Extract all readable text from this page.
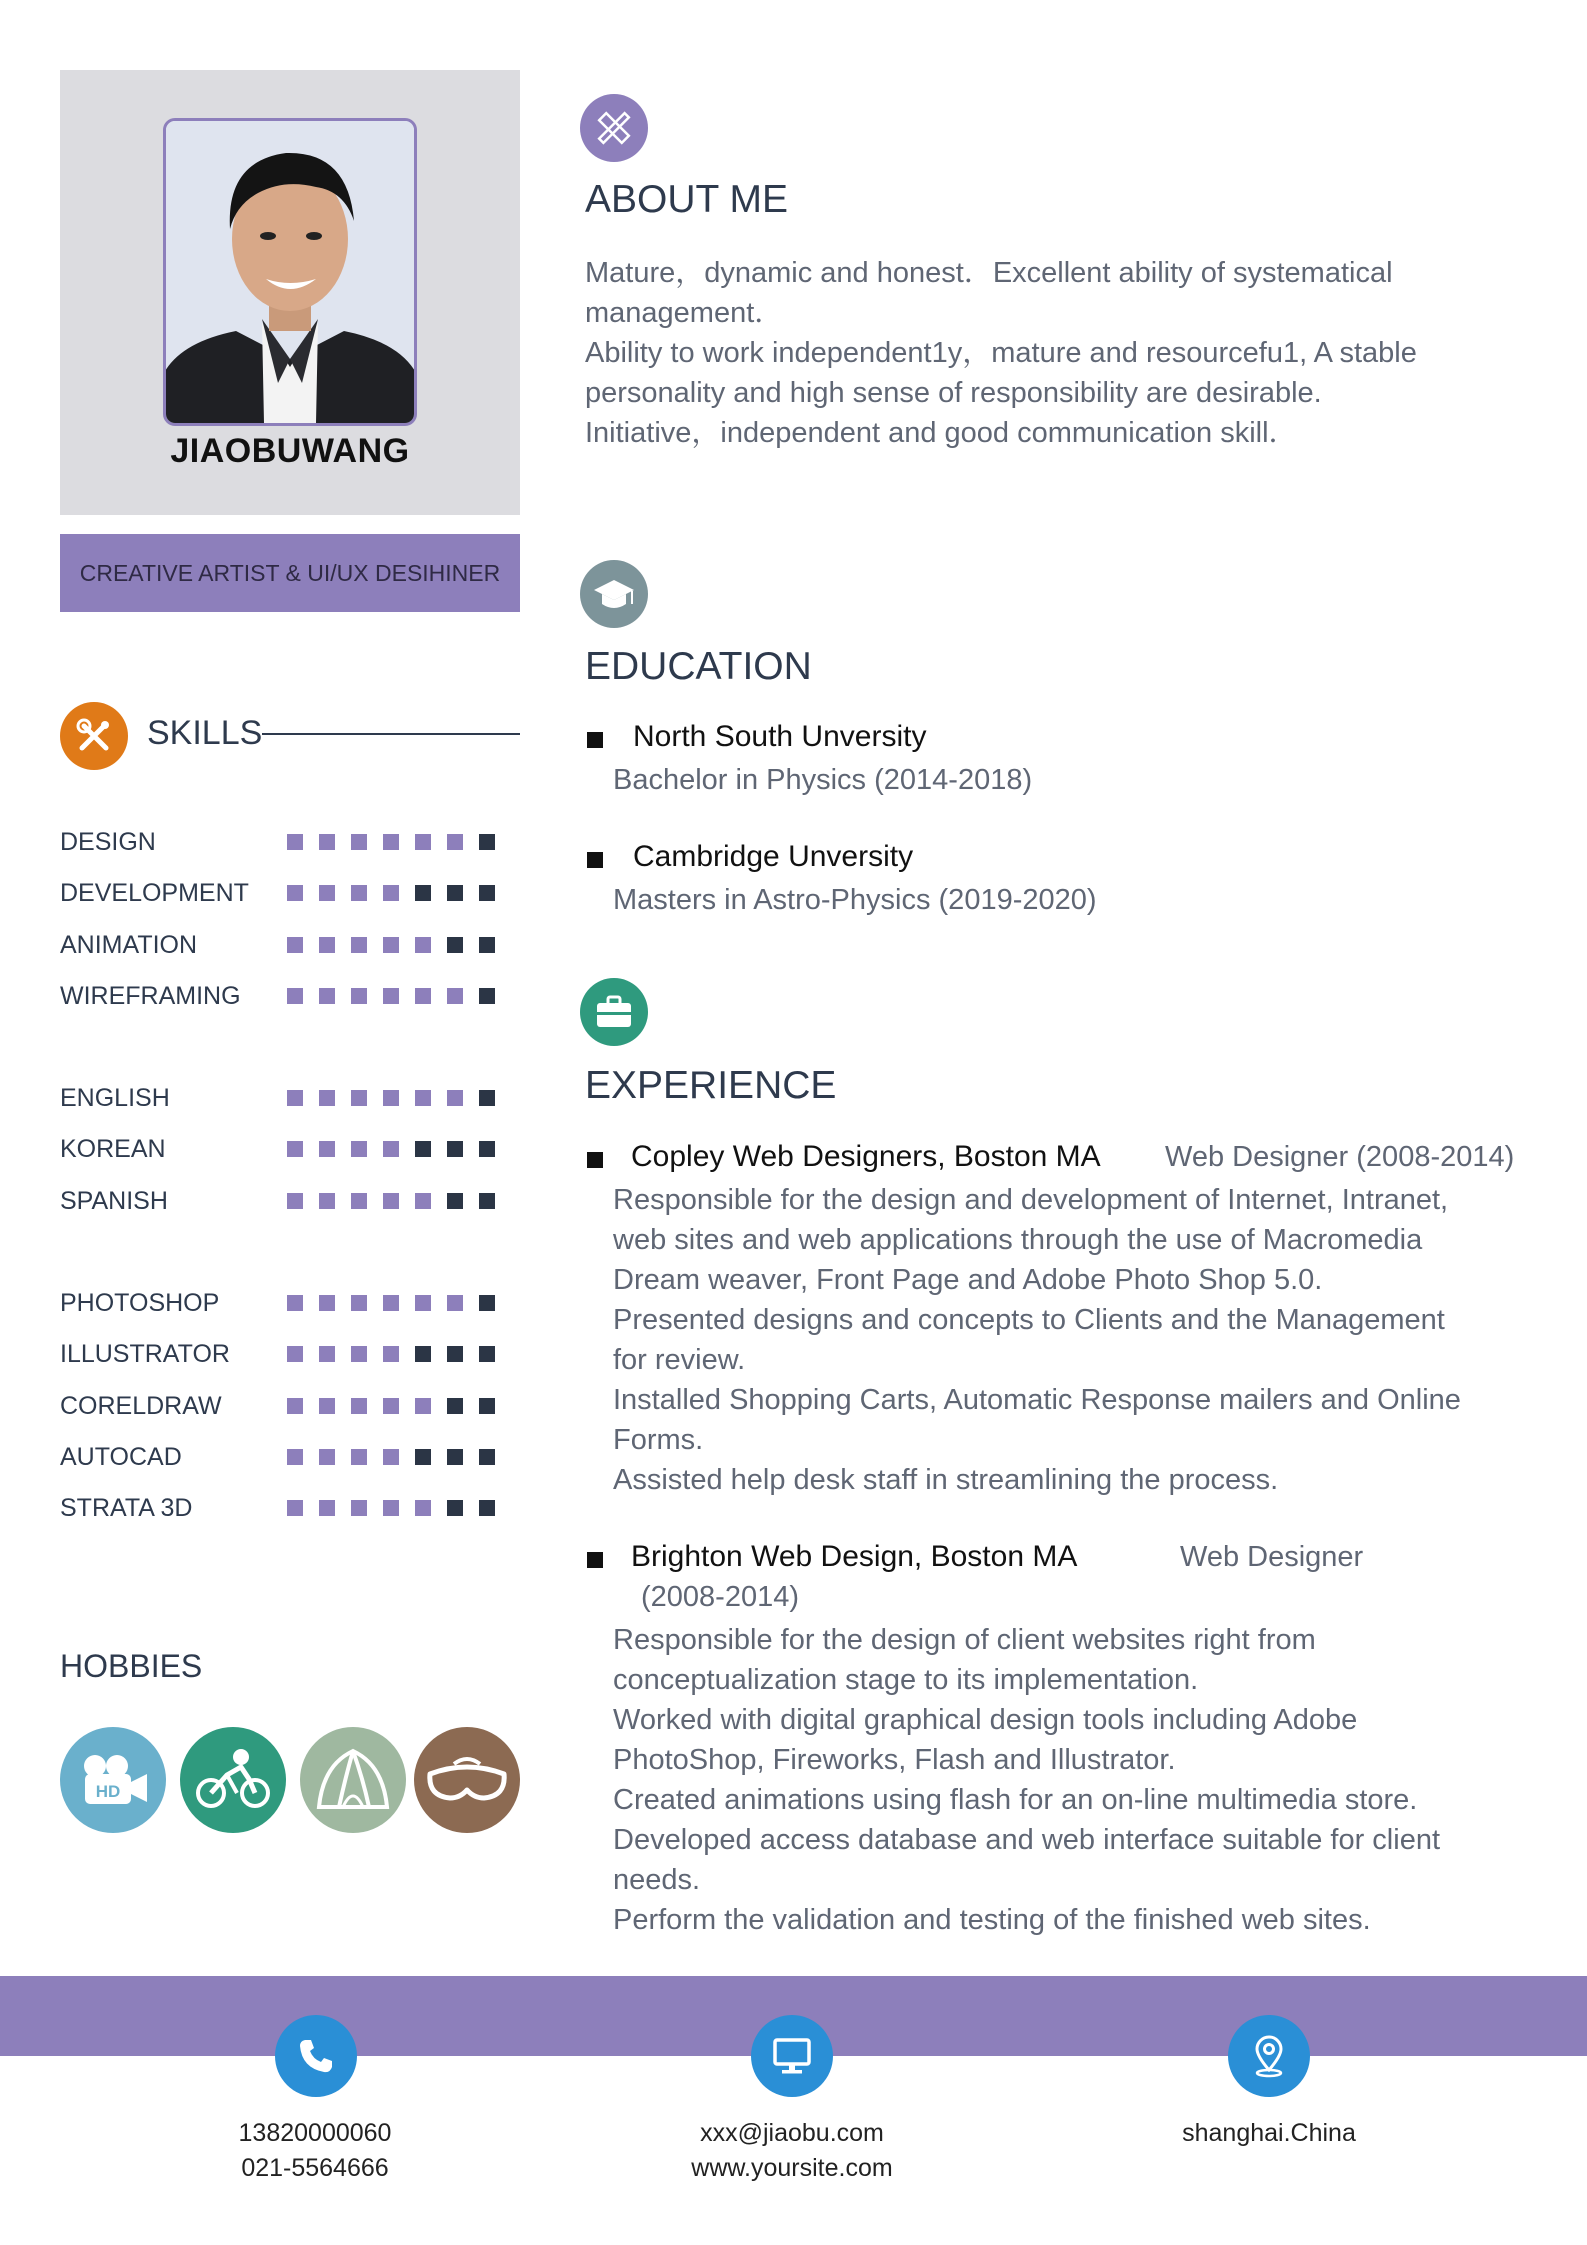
JIAOBUWANG
CREATIVE ARTIST & UI/UX DESIHINER
SKILLS
DESIGN
DEVELOPMENT
ANIMATION
WIREFRAMING
ENGLISH
KOREAN
SPANISH
PHOTOSHOP
ILLUSTRATOR
CORELDRAW
AUTOCAD
STRATA 3D
HOBBIES
HD
ABOUT ME
Mature，dynamic and honest．Excellent ability of systematical
management．
Ability to work independent1y，mature and resourcefu1, A stable
personality and high sense of responsibility are desirable.
Initiative，independent and good communication skill．
EDUCATION
North South Unversity
Bachelor in Physics (2014-2018)
Cambridge Unversity
Masters in Astro-Physics (2019-2020)
EXPERIENCE
Copley Web Designers, Boston MA Web Designer (2008-2014)
Responsible for the design and development of Internet, Intranet,
web sites and web applications through the use of Macromedia
Dream weaver, Front Page and Adobe Photo Shop 5.0.
Presented designs and concepts to Clients and the Management
for review.
Installed Shopping Carts, Automatic Response mailers and Online
Forms.
Assisted help desk staff in streamlining the process.
Brighton Web Design, Boston MA	Web Designer
(2008-2014)
Responsible for the design of client websites right from
conceptualization stage to its implementation.
Worked with digital graphical design tools including Adobe
PhotoShop, Fireworks, Flash and Illustrator.
Created animations using flash for an on-line multimedia store.
Developed access database and web interface suitable for client
needs.
Perform the validation and testing of the finished web sites.
13820000060
021-5564666
xxx@jiaobu.com
www.yoursite.com
shanghai.China
